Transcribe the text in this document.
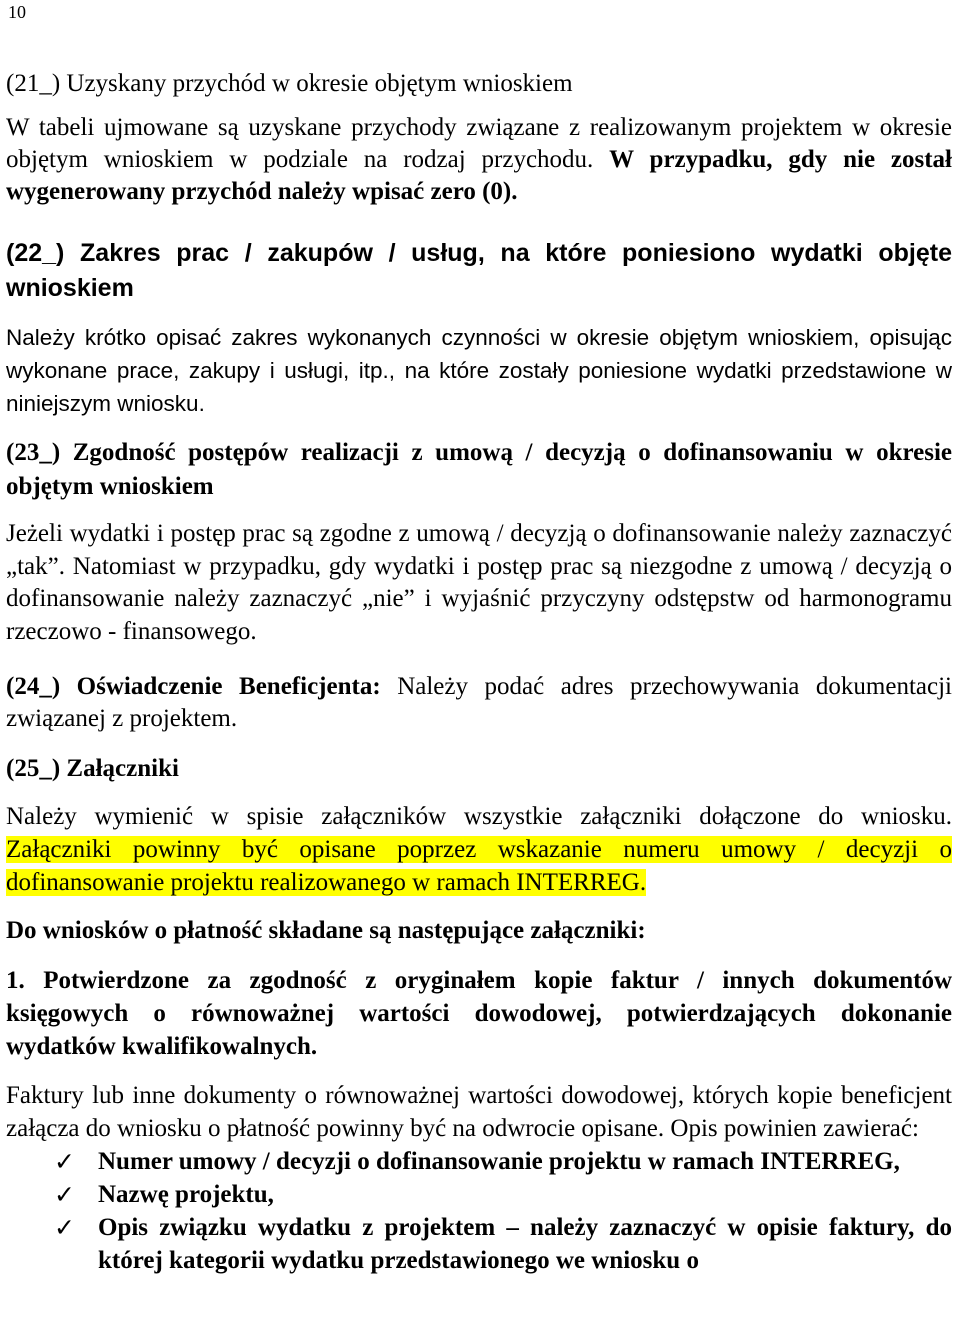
10
(21_) Uzyskany przychód w okresie objętym wnioskiem
W tabeli ujmowane są uzyskane przychody związane z realizowanym projektem w okresie objętym wnioskiem w podziale na rodzaj przychodu. W przypadku, gdy nie został wygenerowany przychód należy wpisać zero (0).
(22_) Zakres prac / zakupów / usług, na które poniesiono wydatki objęte wnioskiem
Należy krótko opisać zakres wykonanych czynności w okresie objętym wnioskiem, opisując wykonane prace, zakupy i usługi, itp., na które zostały poniesione wydatki przedstawione w niniejszym wniosku.
(23_) Zgodność postępów realizacji z umową / decyzją o dofinansowaniu w okresie objętym wnioskiem
Jeżeli wydatki i postęp prac są zgodne z umową / decyzją o dofinansowanie należy zaznaczyć „tak”. Natomiast w przypadku, gdy wydatki i postęp prac są niezgodne z umową / decyzją o dofinansowanie należy zaznaczyć „nie” i wyjaśnić przyczyny odstępstw od harmonogramu rzeczowo - finansowego.
(24_) Oświadczenie Beneficjenta: Należy podać adres przechowywania dokumentacji związanej z projektem.
(25_) Załączniki
Należy wymienić w spisie załączników wszystkie załączniki dołączone do wniosku. Załączniki powinny być opisane poprzez wskazanie numeru umowy / decyzji o dofinansowanie projektu realizowanego w ramach INTERREG.
Do wniosków o płatność składane są następujące załączniki:
1. Potwierdzone za zgodność z oryginałem kopie faktur / innych dokumentów księgowych o równoważnej wartości dowodowej, potwierdzających dokonanie wydatków kwalifikowalnych.
Faktury lub inne dokumenty o równoważnej wartości dowodowej, których kopie beneficjent załącza do wniosku o płatność powinny być na odwrocie opisane. Opis powinien zawierać:
✓ Numer umowy / decyzji o dofinansowanie projektu w ramach INTERREG,
✓ Nazwę projektu,
✓ Opis związku wydatku z projektem – należy zaznaczyć w opisie faktury, do której kategorii wydatku przedstawionego we wniosku o
